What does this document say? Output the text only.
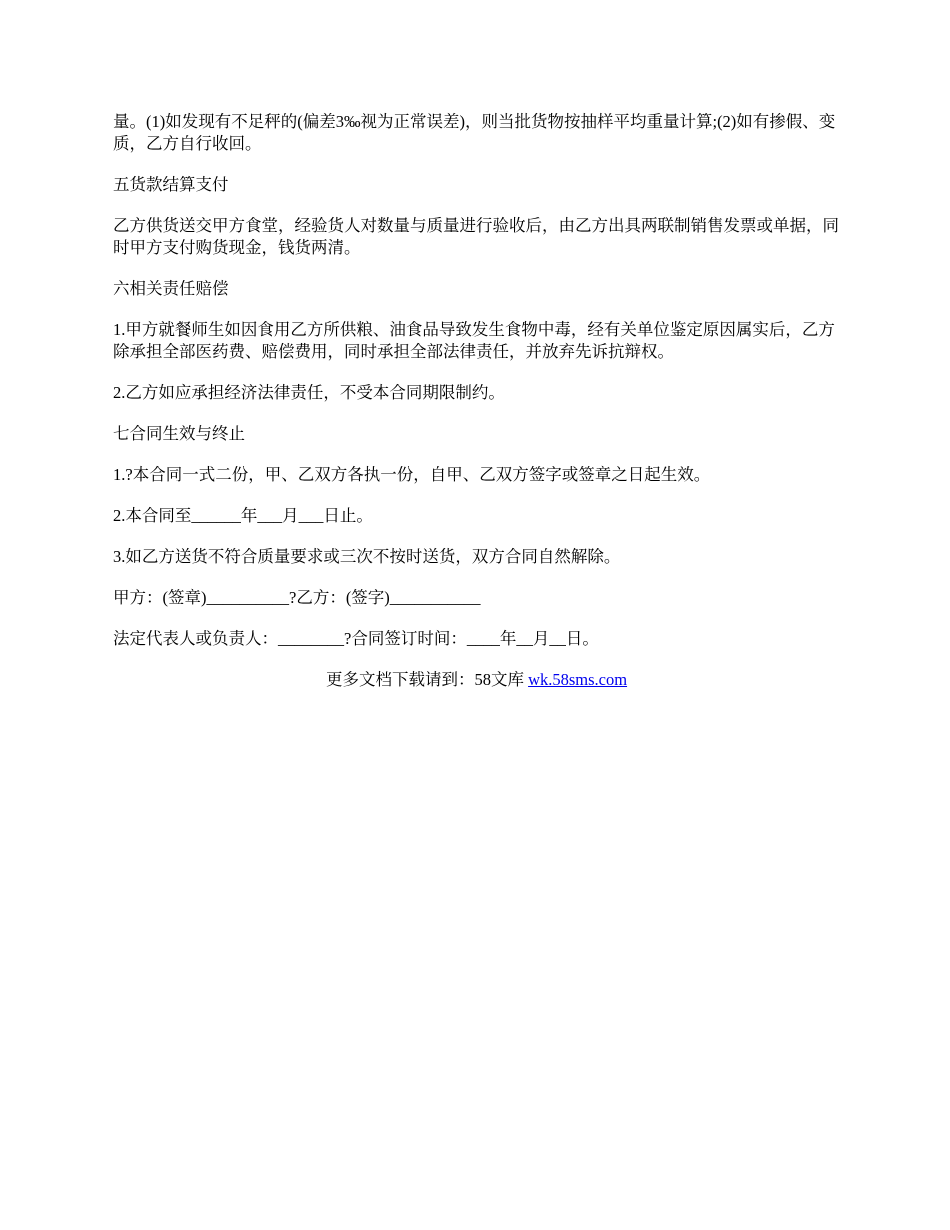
量。(1)如发现有不足秤的(偏差3‰视为正常误差)，则当批货物按抽样平均重量计算;(2)如有掺假、变质，乙方自行收回。

五货款结算支付

乙方供货送交甲方食堂，经验货人对数量与质量进行验收后，由乙方出具两联制销售发票或单据，同时甲方支付购货现金，钱货两清。

六相关责任赔偿

1.甲方就餐师生如因食用乙方所供粮、油食品导致发生食物中毒，经有关单位鉴定原因属实后，乙方除承担全部医药费、赔偿费用，同时承担全部法律责任，并放弃先诉抗辩权。

2.乙方如应承担经济法律责任，不受本合同期限制约。

七合同生效与终止

1.?本合同一式二份，甲、乙双方各执一份，自甲、乙双方签字或签章之日起生效。

2.本合同至______年___月___日止。

3.如乙方送货不符合质量要求或三次不按时送货，双方合同自然解除。

甲方：(签章)__________?乙方：(签字)___________

法定代表人或负责人：________?合同签订时间：____年__月__日。

更多文档下载请到：58文库 wk.58sms.com
